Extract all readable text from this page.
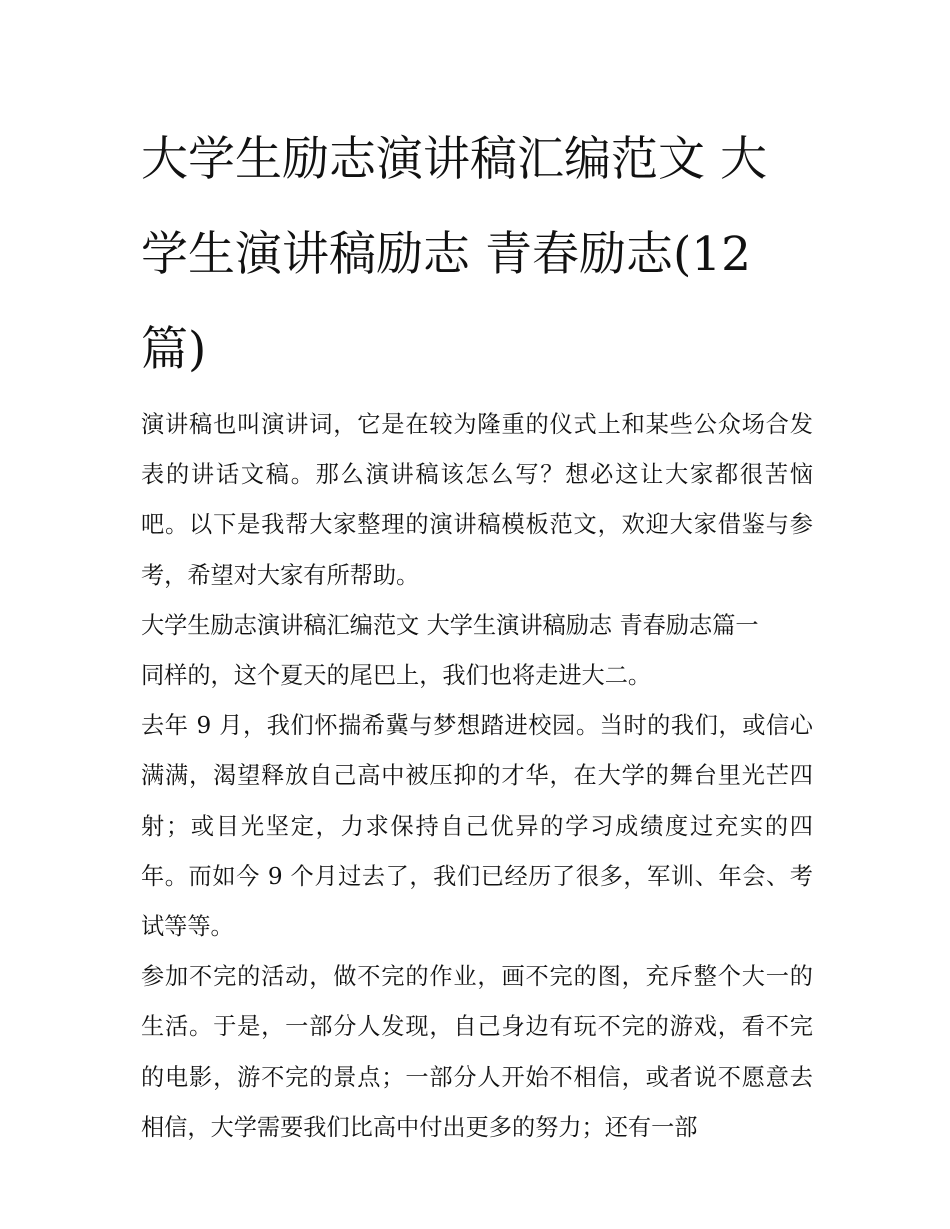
大学生励志演讲稿汇编范文 大学生演讲稿励志 青春励志(12篇)

演讲稿也叫演讲词，它是在较为隆重的仪式上和某些公众场合发表的讲话文稿。那么演讲稿该怎么写？想必这让大家都很苦恼吧。以下是我帮大家整理的演讲稿模板范文，欢迎大家借鉴与参考，希望对大家有所帮助。

大学生励志演讲稿汇编范文 大学生演讲稿励志 青春励志篇一

同样的，这个夏天的尾巴上，我们也将走进大二。

去年 9 月，我们怀揣希冀与梦想踏进校园。当时的我们，或信心满满，渴望释放自己高中被压抑的才华，在大学的舞台里光芒四射；或目光坚定，力求保持自己优异的学习成绩度过充实的四年。而如今 9 个月过去了，我们已经历了很多，军训、年会、考试等等。

参加不完的活动，做不完的作业，画不完的图，充斥整个大一的生活。于是，一部分人发现，自己身边有玩不完的游戏，看不完的电影，游不完的景点；一部分人开始不相信，或者说不愿意去相信，大学需要我们比高中付出更多的努力；还有一部
